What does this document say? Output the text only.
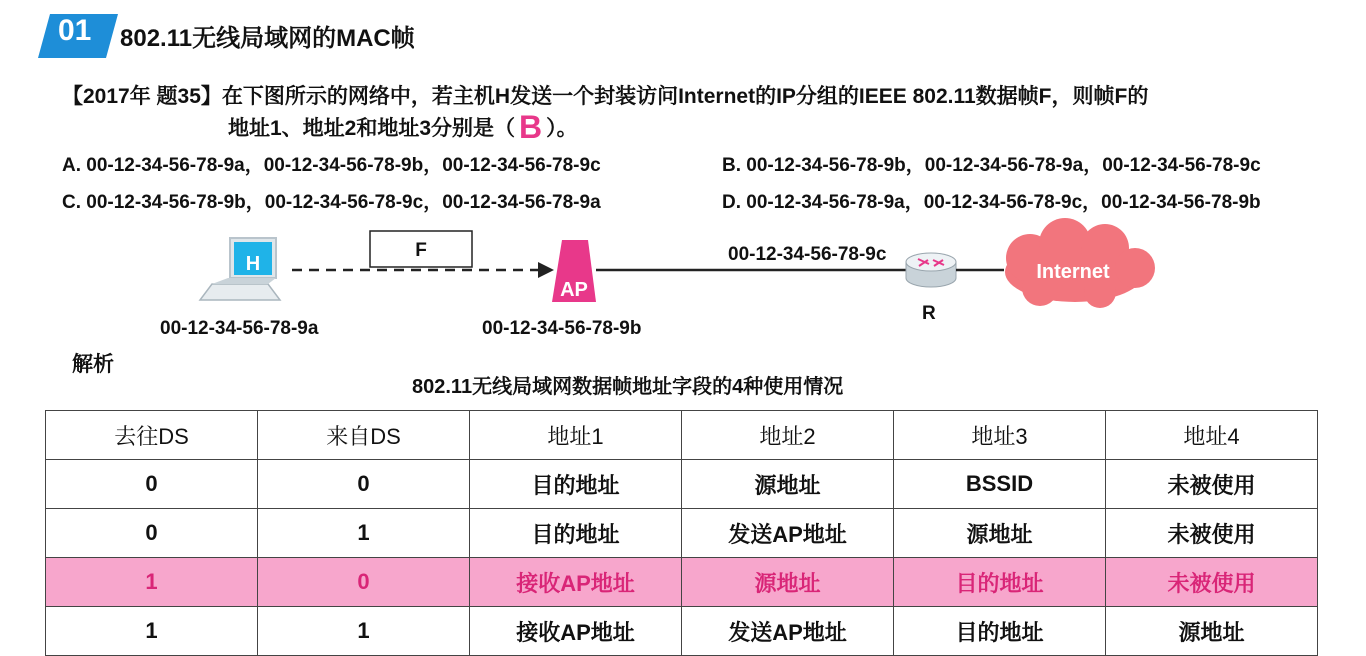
01 802.11无线局域网的MAC帧
【2017年 题35】在下图所示的网络中，若主机H发送一个封装访问Internet的IP分组的IEEE 802.11数据帧F，则帧F的
地址1、地址2和地址3分别是（ B ）。
A. 00-12-34-56-78-9a，00-12-34-56-78-9b，00-12-34-56-78-9c	B. 00-12-34-56-78-9b，00-12-34-56-78-9a，00-12-34-56-78-9c
C. 00-12-34-56-78-9b，00-12-34-56-78-9c，00-12-34-56-78-9a	D. 00-12-34-56-78-9a，00-12-34-56-78-9c，00-12-34-56-78-9b
H
F
AP
Internet
00-12-34-56-78-9a	00-12-34-56-78-9b
00-12-34-56-78-9c
R
解析
802.11无线局域网数据帧地址字段的4种使用情况
去往DS	来自DS	地址1	地址2	地址3	地址4
0	0	目的地址	源地址	BSSID	未被使用
0	1	目的地址	发送AP地址	源地址	未被使用
1	0	接收AP地址	源地址	目的地址	未被使用
1	1	接收AP地址	发送AP地址	目的地址	源地址
